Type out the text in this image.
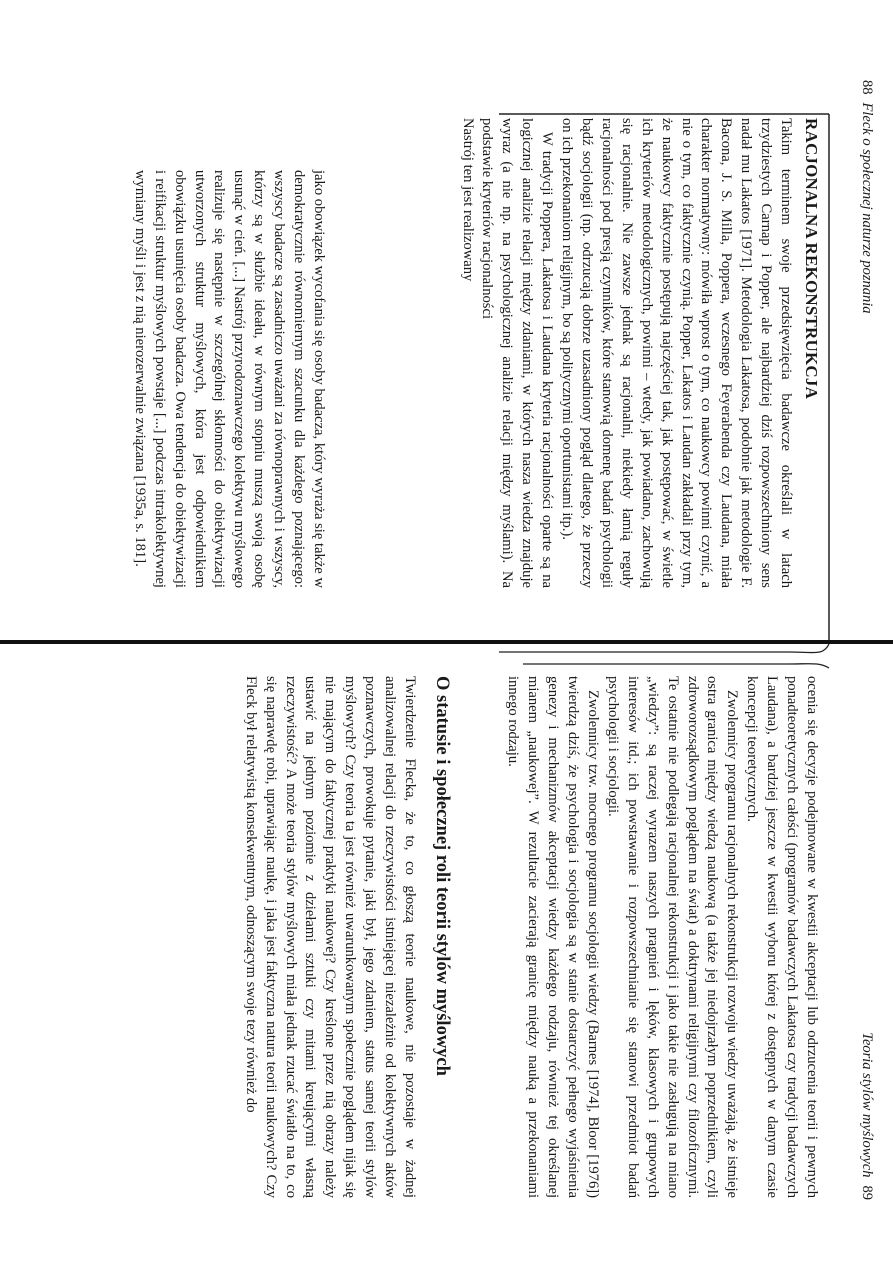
88Fleck o społecznej naturze poznania
RACJONALNA REKONSTRUKCJA

Takim terminem swoje przedsięwzięcia badawcze określali w latach trzydziestych Carnap i Popper, ale najbardziej dziś rozpowszechniony sens nadał mu Lakatos [1971]. Metodologia Lakatosa, podobnie jak metodologie F. Bacona, J. S. Milla, Poppera, wczesnego Feyerabenda czy Laudana, miała charakter normatywny: mówiła wprost o tym, co naukowcy powinni czynić, a nie o tym, co faktycznie czynią. Popper, Lakatos i Laudan zakładali przy tym, że naukowcy faktycznie postępują najczęściej tak, jak postępować, w świetle ich kryteriów metodologicznych, powinni – wtedy, jak powiadano, zachowują się racjonalnie. Nie zawsze jednak są racjonalni, niekiedy łamią reguły racjonalności pod presją czynników, które stanowią domenę badań psychologii bądź socjologii (np. odrzucają dobrze uzasadniony pogląd dlatego, że przeczy on ich przekonaniom religijnym, bo są politycznymi oportunistami itp.).

W tradycji Poppera, Lakatosa i Laudana kryteria racjonalności oparte są na logicznej analizie relacji między zdaniami, w których nasza wiedza znajduje wyraz (a nie np. na psychologicznej analizie relacji między myślami). Na podstawie kryteriów racjonalności

Nastrój ten jest realizowany

jako obowiązek wycofania się osoby badacza, który wyraża się także w demokratycznie równomiernym szacunku dla każdego poznającego: wszyscy badacze są zasadniczo uważani za równoprawnych i wszyscy, którzy są w służbie ideału, w równym stopniu muszą swoją osobę usunąć w cień. [...] Nastrój przyrodoznawczego kolektywu myślowego realizuje się następnie w szczególnej skłonności do obiektywizacji utworzonych struktur myślowych, która jest odpowiednikiem obowiązku usunięcia osoby badacza. Owa tendencja do obiektywizacji i reifikacji struktur myślowych powstaje [...] podczas intrakolektywnej wymiany myśli i jest z nią nierozerwalnie związana [1935a, s. 181].

Teoria stylów myślowych89

ocenia się decyzje podejmowane w kwestii akceptacji lub odrzucenia teorii i pewnych ponadteoretycznych całości (programów badawczych Lakatosa czy tradycji badawczych Laudana), a bardziej jeszcze w kwestii wyboru której z dostępnych w danym czasie koncepcji teoretycznych.

Zwolennicy programu racjonalnych rekonstrukcji rozwoju wiedzy uważają, że istnieje ostra granica między wiedzą naukową (a także jej niedojrzałym poprzednikiem, czyli zdroworozsądkowym poglądem na świat) a doktrynami religijnymi czy filozoficznymi. Te ostatnie nie podlegają racjonalnej rekonstrukcji i jako takie nie zasługują na miano „wiedzy”: są raczej wyrazem naszych pragnień i lęków, klasowych i grupowych interesów itd.; ich powstawanie i rozpowszechnianie się stanowi przedmiot badań psychologii i socjologii.

Zwolennicy tzw. mocnego programu socjologii wiedzy (Barnes [1974], Bloor [1976]) twierdzą dziś, że psychologia i socjologia są w stanie dostarczyć pełnego wyjaśnienia genezy i mechanizmów akceptacji wiedzy każdego rodzaju, również tej określanej mianem „naukowej”. W rezultacie zacierają granicę między nauką a przekonaniami innego rodzaju.

O statusie i społecznej roli teorii stylów myślowych

Twierdzenie Flecka, że to, co głoszą teorie naukowe, nie pozostaje w żadnej analizowalnej relacji do rzeczywistości istniejącej niezależnie od kolektywnych aktów poznawczych, prowokuje pytanie, jaki był, jego zdaniem, status samej teorii stylów myślowych? Czy teoria ta jest również uwarunkowanym społecznie poglądem nijak się nie mającym do faktycznej praktyki naukowej? Czy kreślone przez nią obrazy należy ustawić na jednym poziomie z dziełami sztuki czy mitami kreującymi własną rzeczywistość? A może teoria stylów myślowych miała jednak rzucać światło na to, co się naprawdę robi, uprawiając naukę, i jaka jest faktyczna natura teorii naukowych? Czy Fleck był relatywistą konsekwentnym, odnoszącym swoje tezy również do
